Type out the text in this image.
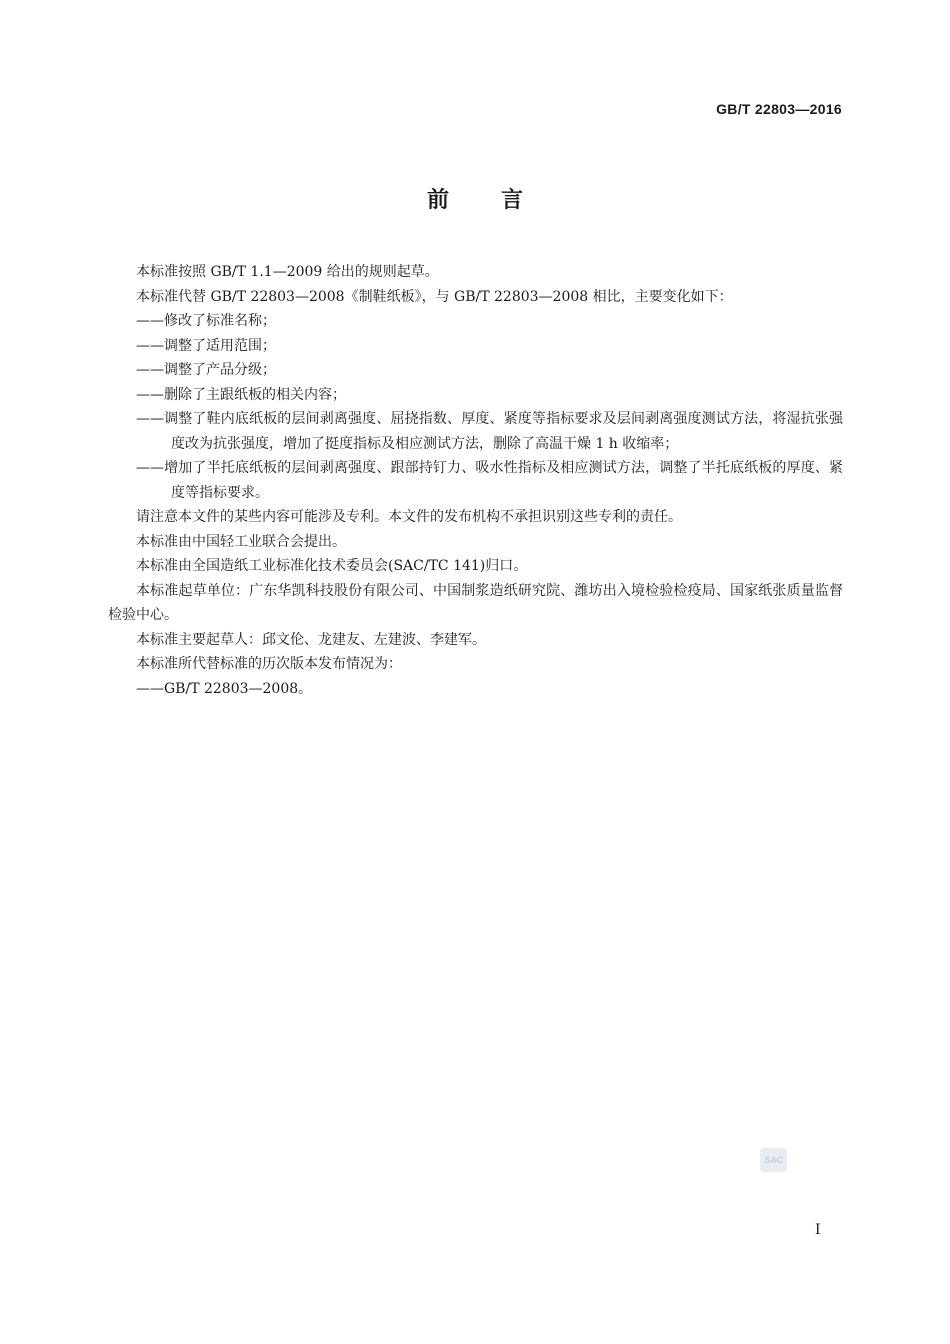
GB/T 22803—2016
前言
本标准按照 GB/T 1.1—2009 给出的规则起草。
本标准代替 GB/T 22803—2008《制鞋纸板》，与 GB/T 22803—2008 相比，主要变化如下：
——修改了标准名称；
——调整了适用范围；
——调整了产品分级；
——删除了主跟纸板的相关内容；
——调整了鞋内底纸板的层间剥离强度、屈挠指数、厚度、紧度等指标要求及层间剥离强度测试方法，将湿抗张强度改为抗张强度，增加了挺度指标及相应测试方法，删除了高温干燥 1 h 收缩率；
——增加了半托底纸板的层间剥离强度、跟部持钉力、吸水性指标及相应测试方法，调整了半托底纸板的厚度、紧度等指标要求。
请注意本文件的某些内容可能涉及专利。本文件的发布机构不承担识别这些专利的责任。
本标准由中国轻工业联合会提出。
本标准由全国造纸工业标准化技术委员会(SAC/TC 141)归口。
本标准起草单位：广东华凯科技股份有限公司、中国制浆造纸研究院、潍坊出入境检验检疫局、国家纸张质量监督检验中心。
本标准主要起草人：邱文伦、龙建友、左建波、李建军。
本标准所代替标准的历次版本发布情况为：
——GB/T 22803—2008。
SAC
I
